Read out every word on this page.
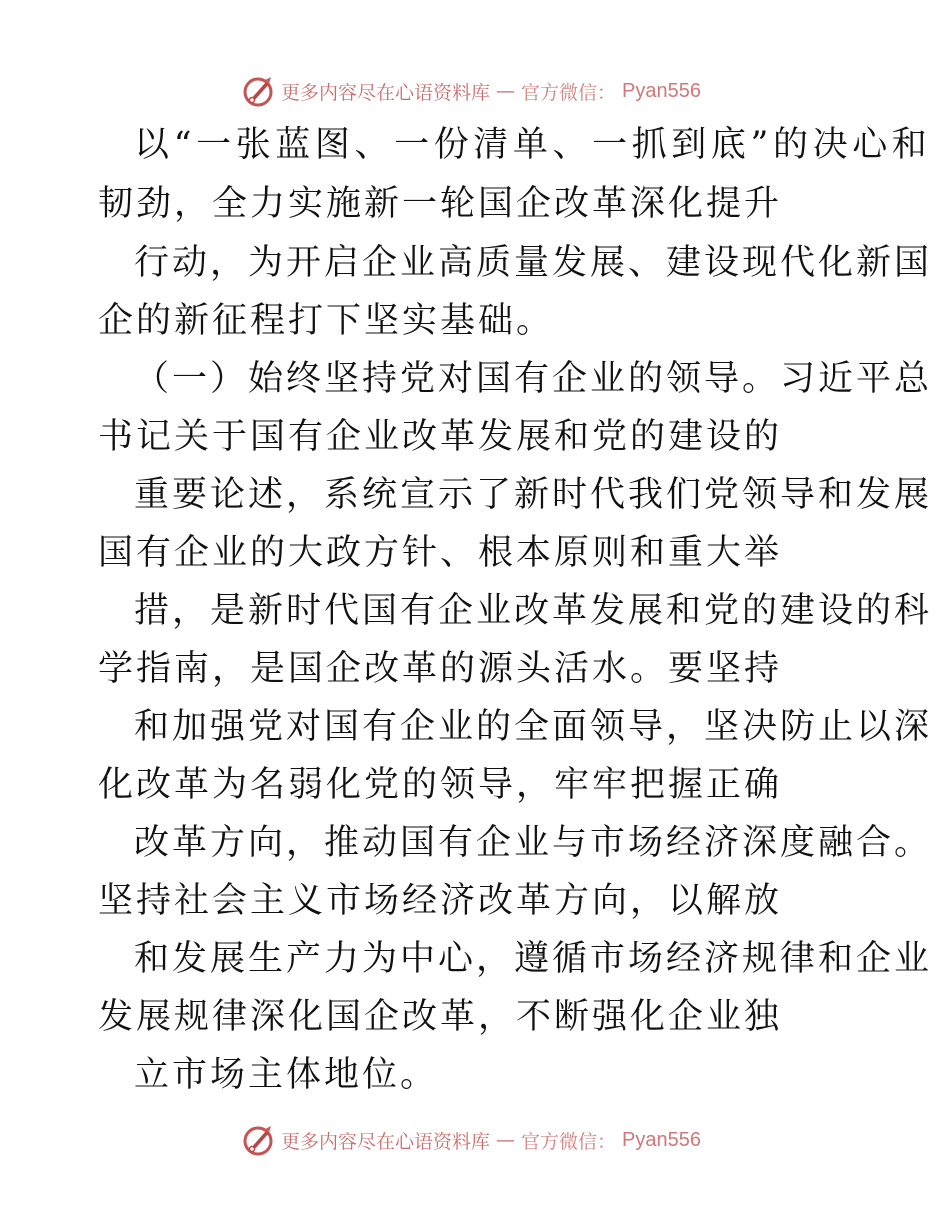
更多内容尽在心语资料库 — 官方微信： Pyan556
以“一张蓝图、一份清单、一抓到底”的决心和
韧劲，全力实施新一轮国企改革深化提升
行动，为开启企业高质量发展、建设现代化新国
企的新征程打下坚实基础。
（一）始终坚持党对国有企业的领导。习近平总
书记关于国有企业改革发展和党的建设的
重要论述，系统宣示了新时代我们党领导和发展
国有企业的大政方针、根本原则和重大举
措，是新时代国有企业改革发展和党的建设的科
学指南，是国企改革的源头活水。要坚持
和加强党对国有企业的全面领导，坚决防止以深
化改革为名弱化党的领导，牢牢把握正确
改革方向，推动国有企业与市场经济深度融合。
坚持社会主义市场经济改革方向，以解放
和发展生产力为中心，遵循市场经济规律和企业
发展规律深化国企改革，不断强化企业独
立市场主体地位。
更多内容尽在心语资料库 — 官方微信： Pyan556
